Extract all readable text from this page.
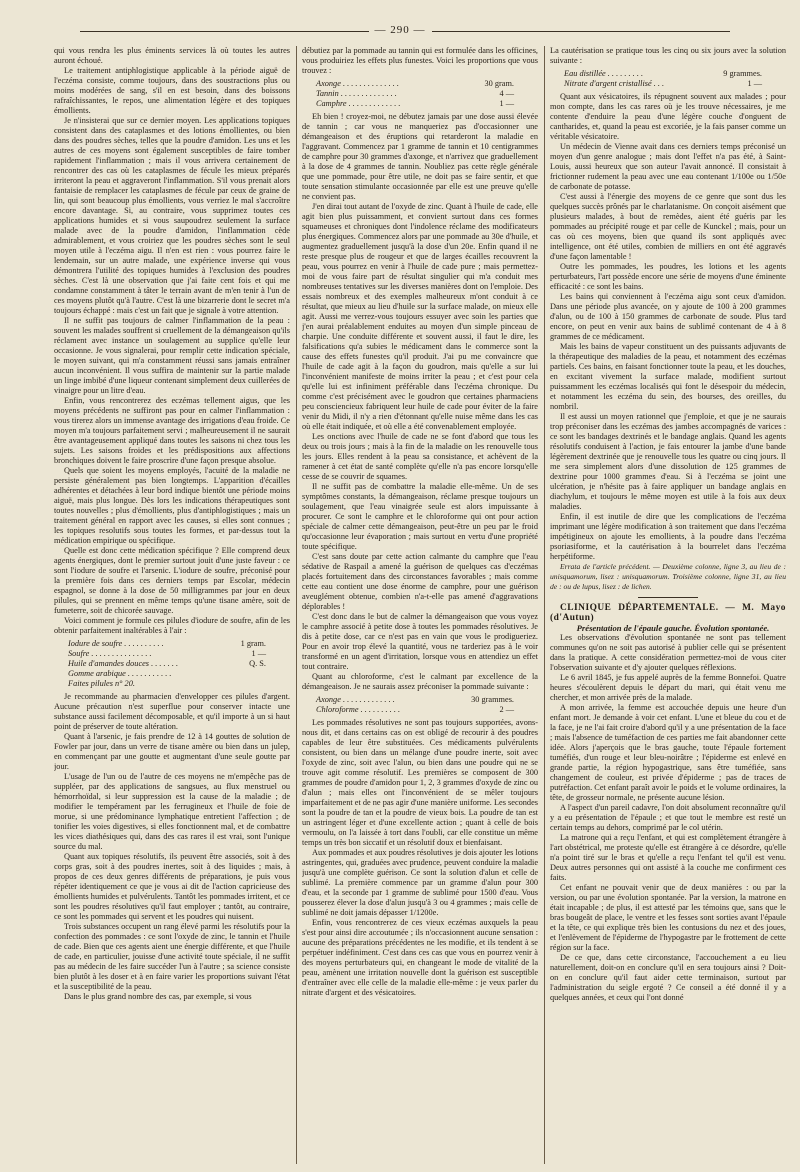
— 290 —

qui vous rendra les plus éminents services là où toutes les autres auront échoué.

Le traitement antiphlogistique applicable à la période aiguë de l'eczéma consiste, comme toujours, dans des soustractions plus ou moins modérées de sang, s'il en est besoin, dans des boissons rafraîchissantes, le repos, une alimentation légère et des topiques émollients.

Je n'insisterai que sur ce dernier moyen. Les applications topiques consistent dans des cataplasmes et des lotions émollientes, ou bien dans des poudres sèches, telles que la poudre d'amidon. Les uns et les autres de ces moyens sont également susceptibles de faire tomber rapidement l'inflammation ; mais il vous arrivera certainement de rencontrer des cas où les cataplasmes de fécule les mieux préparés irriteront la peau et aggraveront l'inflammation. S'il vous prenait alors fantaisie de remplacer les cataplasmes de fécule par ceux de graine de lin, qui sont beaucoup plus émollients, vous verriez le mal s'accroître encore davantage. Si, au contraire, vous supprimez toutes ces applications humides et si vous saupoudrez seulement la surface malade avec de la poudre d'amidon, l'inflammation cède admirablement, et vous croiriez que les poudres sèches sont le seul moyen utile à l'eczéma aigu. Il n'en est rien : vous pourrez faire le lendemain, sur un autre malade, une expérience inverse qui vous démontrera l'utilité des topiques humides à l'exclusion des poudres sèches. C'est là une observation que j'ai faite cent fois et qui me condamne constamment à tâter le terrain avant de m'en tenir à l'un de ces moyens plutôt qu'à l'autre. C'est là une bizarrerie dont le secret m'a toujours échappé : mais c'est un fait que je signale à votre attention.

Il ne suffit pas toujours de calmer l'inflammation de la peau : souvent les malades souffrent si cruellement de la démangeaison qu'ils réclament avec instance un soulagement au supplice qu'elle leur occasionne. Je vous signalerai, pour remplir cette indication spéciale, le moyen suivant, qui m'a constamment réussi sans jamais entraîner aucun inconvénient. Il vous suffira de maintenir sur la partie malade un linge imbibé d'une liqueur contenant simplement deux cuillerées de vinaigre pour un litre d'eau.

Enfin, vous rencontrerez des eczémas tellement aigus, que les moyens précédents ne suffiront pas pour en calmer l'inflammation : vous tirerez alors un immense avantage des irrigations d'eau froide. Ce moyen m'a toujours parfaitement servi ; malheureusement il ne saurait être avantageusement appliqué dans toutes les saisons ni chez tous les sujets. Les saisons froides et les prédispositions aux affections bronchiques doivent le faire proscrire d'une façon presque absolue.

Quels que soient les moyens employés, l'acuité de la maladie ne persiste généralement pas bien longtemps. L'apparition d'écailles adhérentes et détachées à leur bord indique bientôt une période moins aiguë, mais plus longue. Dès lors les indications thérapeutiques sont toutes nouvelles ; plus d'émollients, plus d'antiphlogistiques ; mais un traitement général en rapport avec les causes, si elles sont connues ; les topiques resolutifs sous toutes les formes, et par-dessus tout la médication empirique ou spécifique.

Quelle est donc cette médication spécifique ? Elle comprend deux agents énergiques, dont le premier surtout jouit d'une juste faveur : ce sont l'iodure de soufre et l'arsenic. L'iodure de soufre, préconisé pour la première fois dans ces derniers temps par Escolar, médecin espagnol, se donne à la dose de 50 milligrammes par jour en deux pilules, qui se prennent en même temps qu'une tisane amère, soit de fumeterre, soit de chicorée sauvage.

Voici comment je formule ces pilules d'iodure de soufre, afin de les obtenir parfaitement inaltérables à l'air :

Iodure de soufre . . . . . . . . . .	1 gram.
Soufre . . . . . . . . . . . . . . .	1 —
Huile d'amandes douces . . . . . . .	Q. S.
Gomme arabique . . . . . . . . . . .
Faites pilules n° 20.

Je recommande au pharmacien d'envelopper ces pilules d'argent. Aucune précaution n'est superflue pour conserver intacte une substance aussi facilement décomposable, et qu'il importe à un si haut point de préserver de toute altération.

Quant à l'arsenic, je fais prendre de 12 à 14 gouttes de solution de Fowler par jour, dans un verre de tisane amère ou bien dans un julep, en commençant par une goutte et augmentant d'une seule goutte par jour.

L'usage de l'un ou de l'autre de ces moyens ne m'empêche pas de suppléer, par des applications de sangsues, au flux menstruel ou hémorrhoïdal, si leur suppression est la cause de la maladie ; de modifier le tempérament par les ferrugineux et l'huile de foie de morue, si une prédominance lymphatique entretient l'affection ; de tonifier les voies digestives, si elles fonctionnent mal, et de combattre les vices diathésiques qui, dans des cas rares il est vrai, sont l'unique source du mal.

Quant aux topiques résolutifs, ils peuvent être associés, soit à des corps gras, soit à des poudres inertes, soit à des liquides ; mais, à propos de ces deux genres différents de préparations, je puis vous répéter identiquement ce que je vous ai dit de l'action capricieuse des émollients humides et pulvérulents. Tantôt les pommades irritent, et ce sont les poudres résolutives qu'il faut employer ; tantôt, au contraire, ce sont les pommades qui servent et les poudres qui nuisent.

Trois substances occupent un rang élevé parmi les résolutifs pour la confection des pommades : ce sont l'oxyde de zinc, le tannin et l'huile de cade. Bien que ces agents aient une énergie différente, et que l'huile de cade, en particulier, jouisse d'une activité toute spéciale, il ne suffit pas au médecin de les faire succéder l'un à l'autre ; sa science consiste bien plutôt à les doser et à en faire varier les proportions suivant l'état et la susceptibilité de la peau.

Dans le plus grand nombre des cas, par exemple, si vous

débutiez par la pommade au tannin qui est formulée dans les officines, vous produiriez les effets plus funestes. Voici les proportions que vous trouvez :

Axonge . . . . . . . . . . . . . .	30 gram.
Tannin . . . . . . . . . . . . . .	4 —
Camphre . . . . . . . . . . . . .	1 —

Eh bien ! croyez-moi, ne débutez jamais par une dose aussi élevée de tannin ; car vous ne manqueriez pas d'occasionner une démangeaison et des éruptions qui retarderont la maladie en l'aggravant. Commencez par 1 gramme de tannin et 10 centigrammes de camphre pour 30 grammes d'axonge, et n'arrivez que graduellement à la dose de 4 grammes de tannin. Noubliez pas cette règle générale que une pommade, pour être utile, ne doit pas se faire sentir, et que toute sensation stimulante occasionnée par elle est une preuve qu'elle ne convient pas.

J'en dirai tout autant de l'oxyde de zinc. Quant à l'huile de cade, elle agit bien plus puissamment, et convient surtout dans ces formes squameuses et chroniques dont l'indolence réclame des modificateurs plus énergiques. Commencez alors par une pommade au 30e d'huile, et augmentez graduellement jusqu'à la dose d'un 20e. Enfin quand il ne reste presque plus de rougeur et que de larges écailles recouvrent la peau, vous pourrez en venir à l'huile de cade pure ; mais permettez-moi de vous faire part de résultat singulier qui m'a conduit mes nombreuses tentatives sur les diverses manières dont on l'emploie. Des essais nombreux et des exemples malheureux m'ont conduit à ce résultat, que mieux au lieu d'huile sur la surface malade, on mieux elle agit. Aussi me verrez-vous toujours essuyer avec soin les parties que j'en aurai préalablement enduites au moyen d'un simple pinceau de charpie. Une conduite différente et souvent aussi, il faut le dire, les falsifications qu'a subies le médicament dans le commerce sont la cause des effets funestes qu'il produit. J'ai pu me convaincre que l'huile de cade agit à la façon du goudron, mais qu'elle a sur lui l'inconvénient manifeste de moins irriter la peau ; et c'est pour cela qu'elle lui est infiniment préférable dans l'eczéma chronique. Du comme c'est précisément avec le goudron que certaines pharmaciens peu consciencieux fabriquent leur huile de cade pour éviter de la faire venir du Midi, il n'y a rien d'étonnant qu'elle nuise même dans les cas où elle était indiquée, et où elle a été convenablement employée.

Les onctions avec l'huile de cade ne se font d'abord que tous les deux ou trois jours ; mais à la fin de la maladie on les renouvelle tous les jours. Elles rendent à la peau sa consistance, et achèvent de la ramener à cet état de santé complète qu'elle n'a pas encore lorsqu'elle cesse de se couvrir de squames.

Il ne suffit pas de combattre la maladie elle-même. Un de ses symptômes constants, la démangeaison, réclame presque toujours un soulagement, que l'eau vinaigrée seule est alors impuissante à procurer. Ce sont le camphre et le chloroforme qui ont pour action spéciale de calmer cette démangeaison, peut-être un peu par le froid qu'occasionne leur évaporation ; mais surtout en vertu d'une propriété toute spécifique.

C'est sans doute par cette action calmante du camphre que l'eau sédative de Raspail a amené la guérison de quelques cas d'eczémas placés fortuitement dans des circonstances favorables ; mais comme cette eau contient une dose énorme de camphre, pour une guérison aveuglément obtenue, combien n'a-t-elle pas amené d'aggravations déplorables !

C'est donc dans le but de calmer la démangeaison que vous voyez le camphre associé à petite dose à toutes les pommades résolutives. Je dis à petite dose, car ce n'est pas en vain que vous le prodigueriez. Pour en avoir trop élevé la quantité, vous ne tarderiez pas à le voir transformé en un agent d'irritation, lorsque vous en attendiez un effet tout contraire.

Quant au chloroforme, c'est le calmant par excellence de la démangeaison. Je ne saurais assez préconiser la pommade suivante :

Axonge . . . . . . . . . . . . .	30 grammes.
Chloroforme . . . . . . . . . .	2 —

Les pommades résolutives ne sont pas toujours supportées, avons-nous dit, et dans certains cas on est obligé de recourir à des poudres capables de leur être substituées. Ces médicaments pulvérulents consistent, ou bien dans un mélange d'une poudre inerte, soit avec l'oxyde de zinc, soit avec l'alun, ou bien dans une poudre qui ne se trouve agit comme résolutif. Les premières se composent de 300 grammes de poudre d'amidon pour 1, 2, 3 grammes d'oxyde de zinc ou d'alun ; mais elles ont l'inconvénient de se mêler toujours imparfaitement et de ne pas agir d'une manière uniforme. Les secondes sont la poudre de tan et la poudre de vieux bois. La poudre de tan est un astringent léger et d'une excellente action ; quant à celle de bois vermoulu, on l'a laissée à tort dans l'oubli, car elle constitue un même temps un très bon siccatif et un résolutif doux et bienfaisant.

Aux pommades et aux poudres résolutives je dois ajouter les lotions astringentes, qui, graduées avec prudence, peuvent conduire la maladie jusqu'à une complète guérison. Ce sont la solution d'alun et celle de sublimé. La première commence par un gramme d'alun pour 300 d'eau, et la seconde par 1 gramme de sublimé pour 1500 d'eau. Vous pousserez élever la dose d'alun jusqu'à 3 ou 4 grammes ; mais celle de sublimé ne doit jamais dépasser 1/1200e.

Enfin, vous rencontrerez de ces vieux eczémas auxquels la peau s'est pour ainsi dire accoutumée ; ils n'occasionnent aucune sensation : aucune des préparations précédentes ne les modifie, et ils tendent à se perpétuer indéfiniment. C'est dans ces cas que vous en pourrez venir à des moyens perturbateurs qui, en changeant le mode de vitalité de la peau, amènent une irritation nouvelle dont la guérison est susceptible d'entraîner avec elle celle de la maladie elle-même : je veux parler du nitrate d'argent et des vésicatoires.

La cautérisation se pratique tous les cinq ou six jours avec la solution suivante :

Eau distillée . . . . . . . . .	9 grammes.
Nitrate d'argent cristallisé . . .	1 —

Quant aux vésicatoires, ils répugnent souvent aux malades ; pour mon compte, dans les cas rares où je les trouve nécessaires, je me contente d'enduire la peau d'une légère couche d'onguent de cantharides, et, quand la peau est excoriée, je la fais panser comme un véritable vésicatoire.

Un médecin de Vienne avait dans ces derniers temps préconisé un moyen d'un genre analogue ; mais dont l'effet n'a pas été, à Saint-Louis, aussi heureux que son auteur l'avait annoncé. Il consistait à frictionner rudement la peau avec une eau contenant 1/100e ou 1/50e de carbonate de potasse.

C'est aussi à l'énergie des moyens de ce genre que sont dus les quelques succès prônés par le charlatanisme. On conçoit aisément que plusieurs malades, à bout de remèdes, aient été guéris par les pommades au précipité rouge et par celle de Kunckel ; mais, pour un cas où ces moyens, bien que quand ils sont appliqués avec intelligence, ont été utiles, combien de milliers en ont été aggravés d'une façon lamentable !

Outre les pommades, les poudres, les lotions et les agents perturbateurs, l'art possède encore une série de moyens d'une éminente efficacité : ce sont les bains.

Les bains qui conviennent à l'eczéma aigu sont ceux d'amidon. Dans une période plus avancée, on y ajoute de 100 à 200 grammes d'alun, ou de 100 à 150 grammes de carbonate de soude. Plus tard encore, on peut en venir aux bains de sublimé contenant de 4 à 8 grammes de ce médicament.

Mais les bains de vapeur constituent un des puissants adjuvants de la thérapeutique des maladies de la peau, et notamment des eczémas partiels. Ces bains, en faisant fonctionner toute la peau, et les douches, en excitant vivement la surface malade, modifient surtout puissamment les eczémas localisés qui font le désespoir du médecin, et notamment les eczéma du sein, des bourses, des oreilles, du nombril.

Il est aussi un moyen rationnel que j'emploie, et que je ne saurais trop préconiser dans les eczémas des jambes accompagnés de varices : ce sont les bandages dextrinés et le bandage anglais. Quand les agents résolutifs conduisent à l'action, je fais entourer la jambe d'une bande légèrement dextrinée que je renouvelle tous les quatre ou cinq jours. Il me sera simplement alors d'une dissolution de 125 grammes de dextrine pour 1000 grammes d'eau. Si à l'eczéma se joint une ulcération, je n'hésite pas à faire appliquer un bandage anglais en diachylum, et toujours le même moyen est utile à la fois aux deux maladies.

Enfin, il est inutile de dire que les complications de l'eczéma imprimant une légère modification à son traitement que dans l'eczéma impétigineux on ajoute les emollients, à la poudre dans l'eczéma psoriasiforme, et la cautérisation à la bourrelet dans l'eczéma herpétiforme.

Errata de l'article précédent. — Deuxième colonne, ligne 3, au lieu de : unisquamorum, lisez : unisquamorum. Troisième colonne, ligne 31, au lieu de : ou de lupus, lisez : de lichen.

CLINIQUE DÉPARTEMENTALE. — M. Mayo (d'Autun)

Présentation de l'épaule gauche. Évolution spontanée.

Les observations d'évolution spontanée ne sont pas tellement communes qu'on ne soit pas autorisé à publier celle qui se présentent dans la pratique. A cette considération permettez-moi de vous citer l'observation suivante et d'y ajouter quelques réflexions.

Le 6 avril 1845, je fus appelé auprès de la femme Bonnefoi. Quatre heures s'écoulèrent depuis le départ du mari, qui était venu me chercher, et mon arrivée près de la malade.

A mon arrivée, la femme est accouchée depuis une heure d'un enfant mort. Je demande à voir cet enfant. L'une et bleue du cou et de la face, je ne l'ai fait croire d'abord qu'il y a une présentation de la face ; mais l'absence de tuméfaction de ces parties me fait abandonner cette idée. Alors j'aperçois que le bras gauche, toute l'épaule fortement tuméfiés, d'un rouge et leur bleu-noirâtre ; l'épiderme est enlevé en grande partie, la région hypogastrique, sans être tuméfiée, sans changement de couleur, est privée d'épiderme ; pas de traces de putréfaction. Cet enfant paraît avoir le poids et le volume ordinaires, la tête, de grosseur normale, ne présente aucune lésion.

A l'aspect d'un pareil cadavre, l'on doit absolument reconnaître qu'il y a eu présentation de l'épaule ; et que tout le membre est resté un certain temps au dehors, comprimé par le col utérin.

La matrone qui a reçu l'enfant, et qui est complètement étrangère à l'art obstétrical, me proteste qu'elle est étrangère à ce désordre, qu'elle n'a point tiré sur le bras et qu'elle a reçu l'enfant tel qu'il est venu. Deux autres personnes qui ont assisté à la couche me confirment ces faits.

Cet enfant ne pouvait venir que de deux manières : ou par la version, ou par une évolution spontanée. Par la version, la matrone en était incapable ; de plus, il est attesté par les témoins que, sans que le bras bougeât de place, le ventre et les fesses sont sorties avant l'épaule et la tête, ce qui explique très bien les contusions du nez et des joues, et l'enlèvement de l'épiderme de l'hypogastre par le frottement de cette région sur la face.

De ce que, dans cette circonstance, l'accouchement a eu lieu naturellement, doit-on en conclure qu'il en sera toujours ainsi ? Doit-on en conclure qu'il faut aider cette terminaison, surtout par l'administration du seigle ergoté ? Ce conseil a été donné il y a quelques années, et ceux qui l'ont donné
